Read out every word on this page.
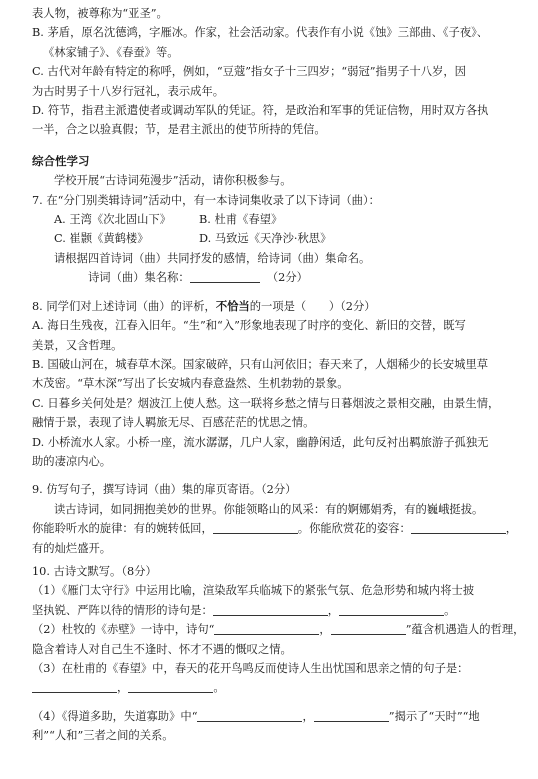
表人物，被尊称为“亚圣”。
B. 茅盾，原名沈德鸿，字雁冰。作家，社会活动家。代表作有小说《蚀》三部曲、《子夜》、
《林家铺子》、《春蚕》等。
C. 古代对年龄有特定的称呼，例如，“豆蔻”指女子十三四岁；“弱冠”指男子十八岁，因
为古时男子十八岁行冠礼，表示成年。
D. 符节，指君主派遣使者或调动军队的凭证。符，是政治和军事的凭证信物，用时双方各执
一半，合之以验真假；节，是君主派出的使节所持的凭信。
综合性学习
学校开展“古诗词苑漫步”活动，请你积极参与。
7. 在“分门别类辑诗词”活动中，有一本诗词集收录了以下诗词（曲）：
A. 王湾《次北固山下》	B. 杜甫《春望》
C. 崔颢《黄鹤楼》	D. 马致远《天净沙·秋思》
请根据四首诗词（曲）共同抒发的感情，给诗词（曲）集命名。
诗词（曲）集名称：	（2分）
8. 同学们对上述诗词（曲）的评析，不恰当的一项是（　　）（2分）
A. 海日生残夜，江春入旧年。“生”和“入”形象地表现了时序的变化、新旧的交替，既写
美景，又含哲理。
B. 国破山河在，城春草木深。国家破碎，只有山河依旧；春天来了，人烟稀少的长安城里草
木茂密。“草木深”写出了长安城内春意盎然、生机勃勃的景象。
C. 日暮乡关何处是？烟波江上使人愁。这一联将乡愁之情与日暮烟波之景相交融，由景生情，
融情于景，表现了诗人羁旅无尽、百感茫茫的忧思之情。
D. 小桥流水人家。小桥一座，流水潺潺，几户人家，幽静闲适，此句反衬出羁旅游子孤独无
助的凄凉内心。
9. 仿写句子，撰写诗词（曲）集的扉页寄语。（2分）
读古诗词，如同拥抱美妙的世界。你能领略山的风采：有的婀娜娟秀，有的巍峨挺拔。
你能聆听水的旋律：有的婉转低回，	。你能欣赏花的姿容：	，
有的灿烂盛开。
10. 古诗文默写。（8分）
（1）《雁门太守行》中运用比喻，渲染敌军兵临城下的紧张气氛、危急形势和城内将士披
坚执锐、严阵以待的情形的诗句是：	，	。
（2）杜牧的《赤壁》一诗中，诗句“	，	”蕴含机遇造人的哲理，
隐含着诗人对自己生不逢时、怀才不遇的慨叹之情。
（3）在杜甫的《春望》中，春天的花开鸟鸣反而使诗人生出忧国和思亲之情的句子是：
，	。
（4）《得道多助，失道寡助》中“	，	”揭示了“天时”“地
利”“人和”三者之间的关系。
